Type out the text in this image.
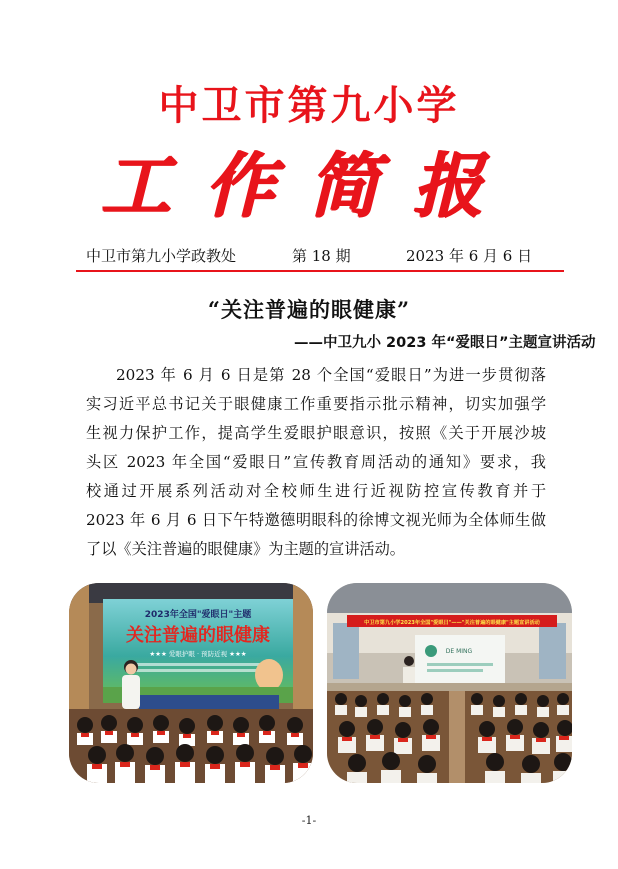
中卫市第九小学
工作简报
中卫市第九小学政教处	第 18 期	2023 年 6 月 6 日
“关注普遍的眼健康”
——中卫九小 2023 年“爱眼日”主题宣讲活动
2023 年 6 月 6 日是第 28 个全国“爱眼日”为进一步贯彻落
实习近平总书记关于眼健康工作重要指示批示精神，切实加强学
生视力保护工作，提高学生爱眼护眼意识，按照《关于开展沙坡
头区 2023 年全国“爱眼日”宣传教育周活动的通知》要求，我
校通过开展系列活动对全校师生进行近视防控宣传教育并于
2023 年 6 月 6 日下午特邀德明眼科的徐博文视光师为全体师生做
了以《关注普遍的眼健康》为主题的宣讲活动。
2023年全国"爱眼日"主题
关注普遍的眼健康
★★★ 爱眼护眼 · 预防近视 ★★★
中卫市第九小学2023年全国"爱眼日"——"关注普遍的眼健康"主题宣讲活动
DE MING
-1-
